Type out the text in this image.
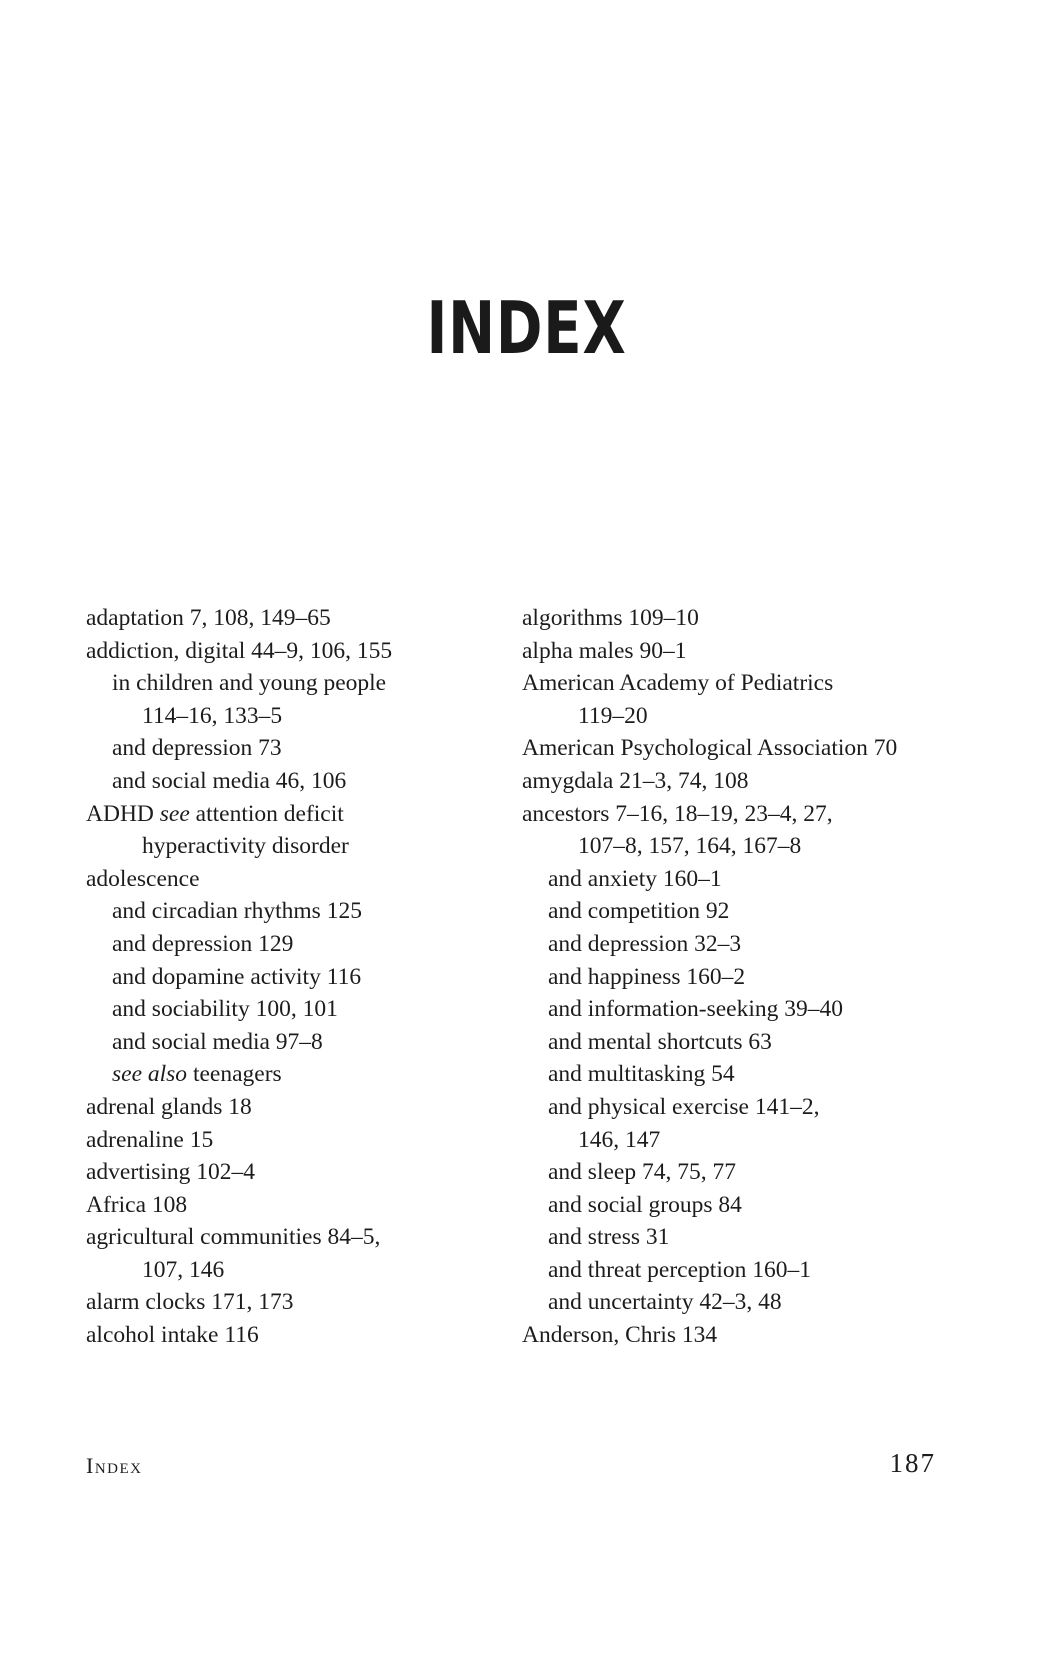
INDEX
adaptation 7, 108, 149–65
addiction, digital 44–9, 106, 155
in children and young people
114–16, 133–5
and depression 73
and social media 46, 106
ADHD see attention deficit
hyperactivity disorder
adolescence
and circadian rhythms 125
and depression 129
and dopamine activity 116
and sociability 100, 101
and social media 97–8
see also teenagers
adrenal glands 18
adrenaline 15
advertising 102–4
Africa 108
agricultural communities 84–5,
107, 146
alarm clocks 171, 173
alcohol intake 116
algorithms 109–10
alpha males 90–1
American Academy of Pediatrics
119–20
American Psychological Association 70
amygdala 21–3, 74, 108
ancestors 7–16, 18–19, 23–4, 27,
107–8, 157, 164, 167–8
and anxiety 160–1
and competition 92
and depression 32–3
and happiness 160–2
and information-seeking 39–40
and mental shortcuts 63
and multitasking 54
and physical exercise 141–2,
146, 147
and sleep 74, 75, 77
and social groups 84
and stress 31
and threat perception 160–1
and uncertainty 42–3, 48
Anderson, Chris 134
Index	187
